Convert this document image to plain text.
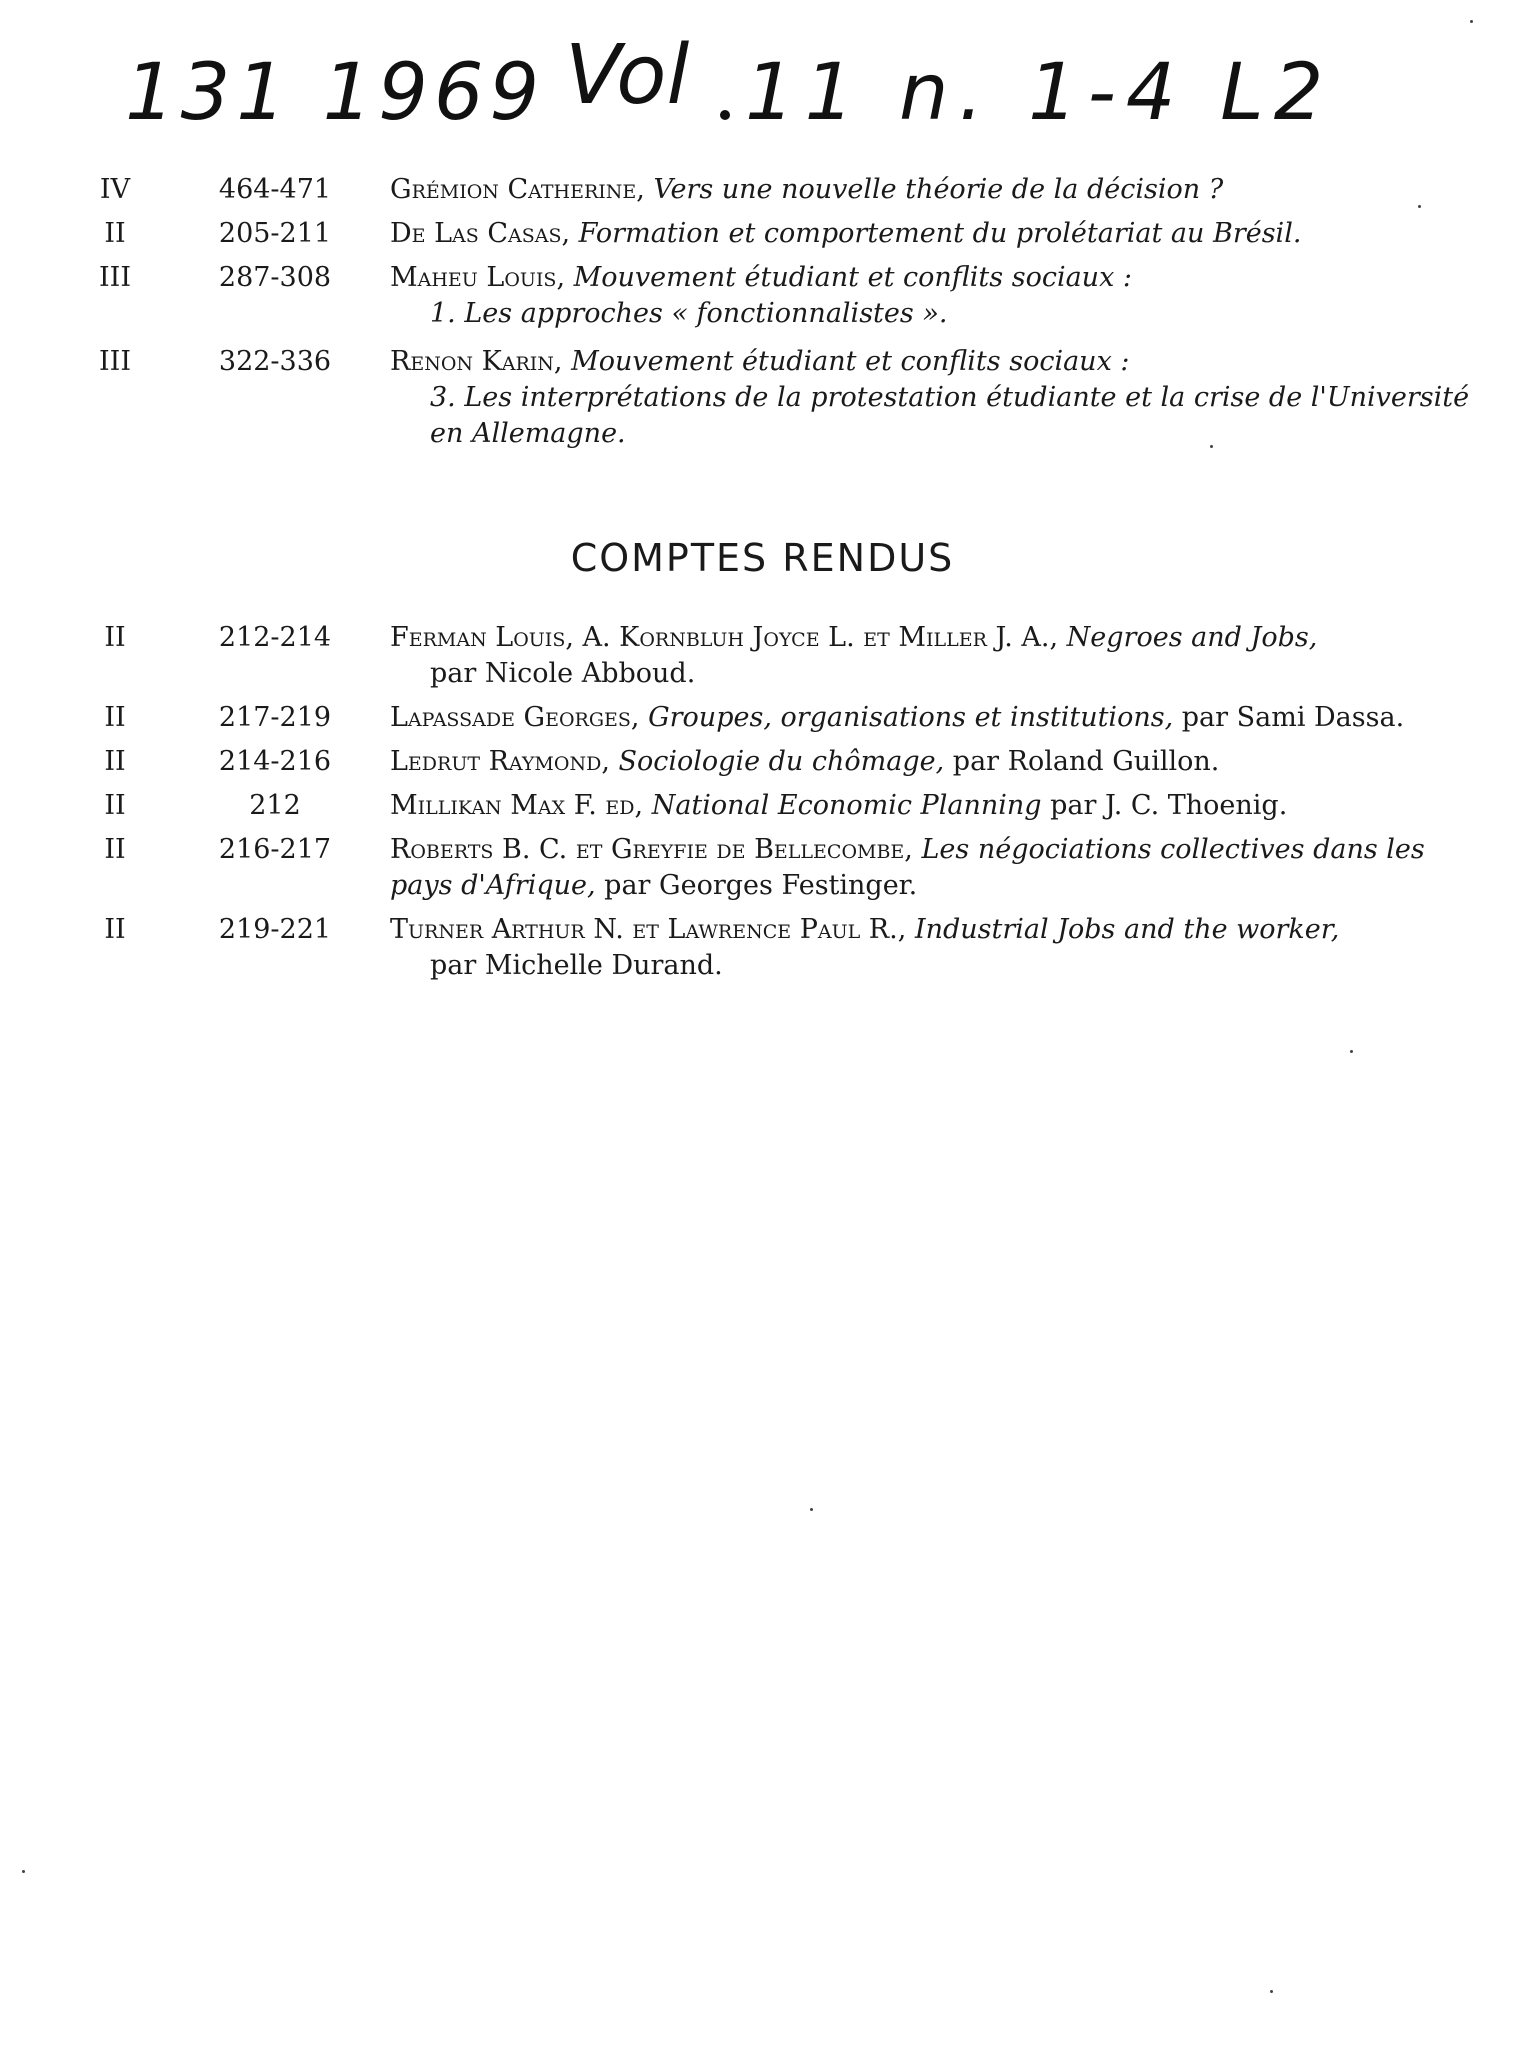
131 1969 Vol 11 n. 1-4 L2
IV	464-471	Grémion Catherine, Vers une nouvelle théorie de la décision ?
II	205-211	De Las Casas, Formation et comportement du prolétariat au Brésil.
III	287-308	Maheu Louis, Mouvement étudiant et conflits sociaux :
1. Les approches « fonctionnalistes ».
III	322-336	Renon Karin, Mouvement étudiant et conflits sociaux :
3. Les interprétations de la protestation étudiante et la crise de l'Université en Allemagne.
COMPTES RENDUS
II	212-214	Ferman Louis, A. Kornbluh Joyce L. et Miller J. A., Negroes and Jobs,
par Nicole Abboud.
II	217-219	Lapassade Georges, Groupes, organisations et institutions, par Sami Dassa.
II	214-216	Ledrut Raymond, Sociologie du chômage, par Roland Guillon.
II	212	Millikan Max F. ed, National Economic Planning par J. C. Thoenig.
II	216-217	Roberts B. C. et Greyfie de Bellecombe, Les négociations collectives dans les pays d'Afrique, par Georges Festinger.
II	219-221	Turner Arthur N. et Lawrence Paul R., Industrial Jobs and the worker,
par Michelle Durand.
